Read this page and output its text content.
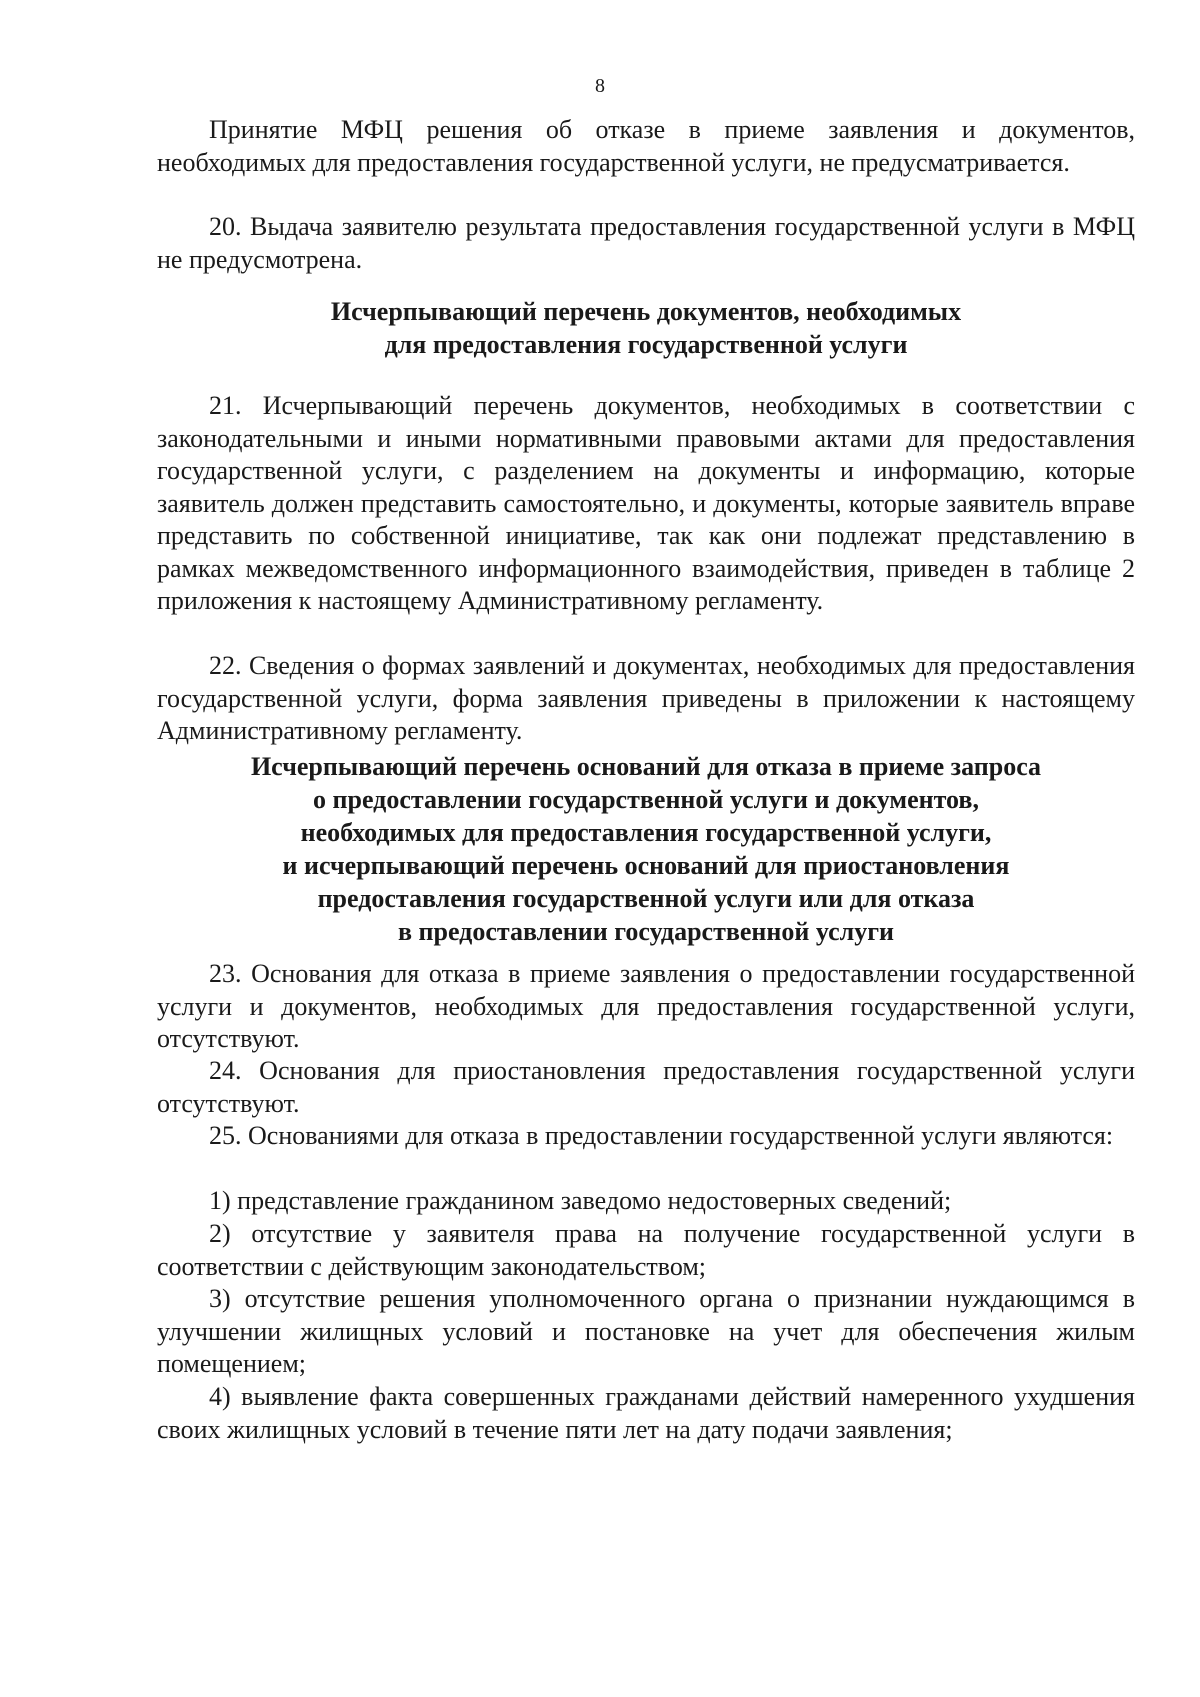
8

Принятие МФЦ решения об отказе в приеме заявления и документов, необходимых для предоставления государственной услуги, не предусматривается.

20. Выдача заявителю результата предоставления государственной услуги в МФЦ не предусмотрена.

Исчерпывающий перечень документов, необходимых
для предоставления государственной услуги

21. Исчерпывающий перечень документов, необходимых в соответствии с законодательными и иными нормативными правовыми актами для предоставления государственной услуги, с разделением на документы и информацию, которые заявитель должен представить самостоятельно, и документы, которые заявитель вправе представить по собственной инициативе, так как они подлежат представлению в рамках межведомственного информационного взаимодействия, приведен в таблице 2 приложения к настоящему Административному регламенту.

22. Сведения о формах заявлений и документах, необходимых для предоставления государственной услуги, форма заявления приведены в приложении к настоящему Административному регламенту.

Исчерпывающий перечень оснований для отказа в приеме запроса
о предоставлении государственной услуги и документов,
необходимых для предоставления государственной услуги,
и исчерпывающий перечень оснований для приостановления
предоставления государственной услуги или для отказа
в предоставлении государственной услуги

23. Основания для отказа в приеме заявления о предоставлении государственной услуги и документов, необходимых для предоставления государственной услуги, отсутствуют.

24. Основания для приостановления предоставления государственной услуги отсутствуют.

25. Основаниями для отказа в предоставлении государственной услуги являются:

1) представление гражданином заведомо недостоверных сведений;

2) отсутствие у заявителя права на получение государственной услуги в соответствии с действующим законодательством;

3) отсутствие решения уполномоченного органа о признании нуждающимся в улучшении жилищных условий и постановке на учет для обеспечения жилым помещением;

4) выявление факта совершенных гражданами действий намеренного ухудшения своих жилищных условий в течение пяти лет на дату подачи заявления;
